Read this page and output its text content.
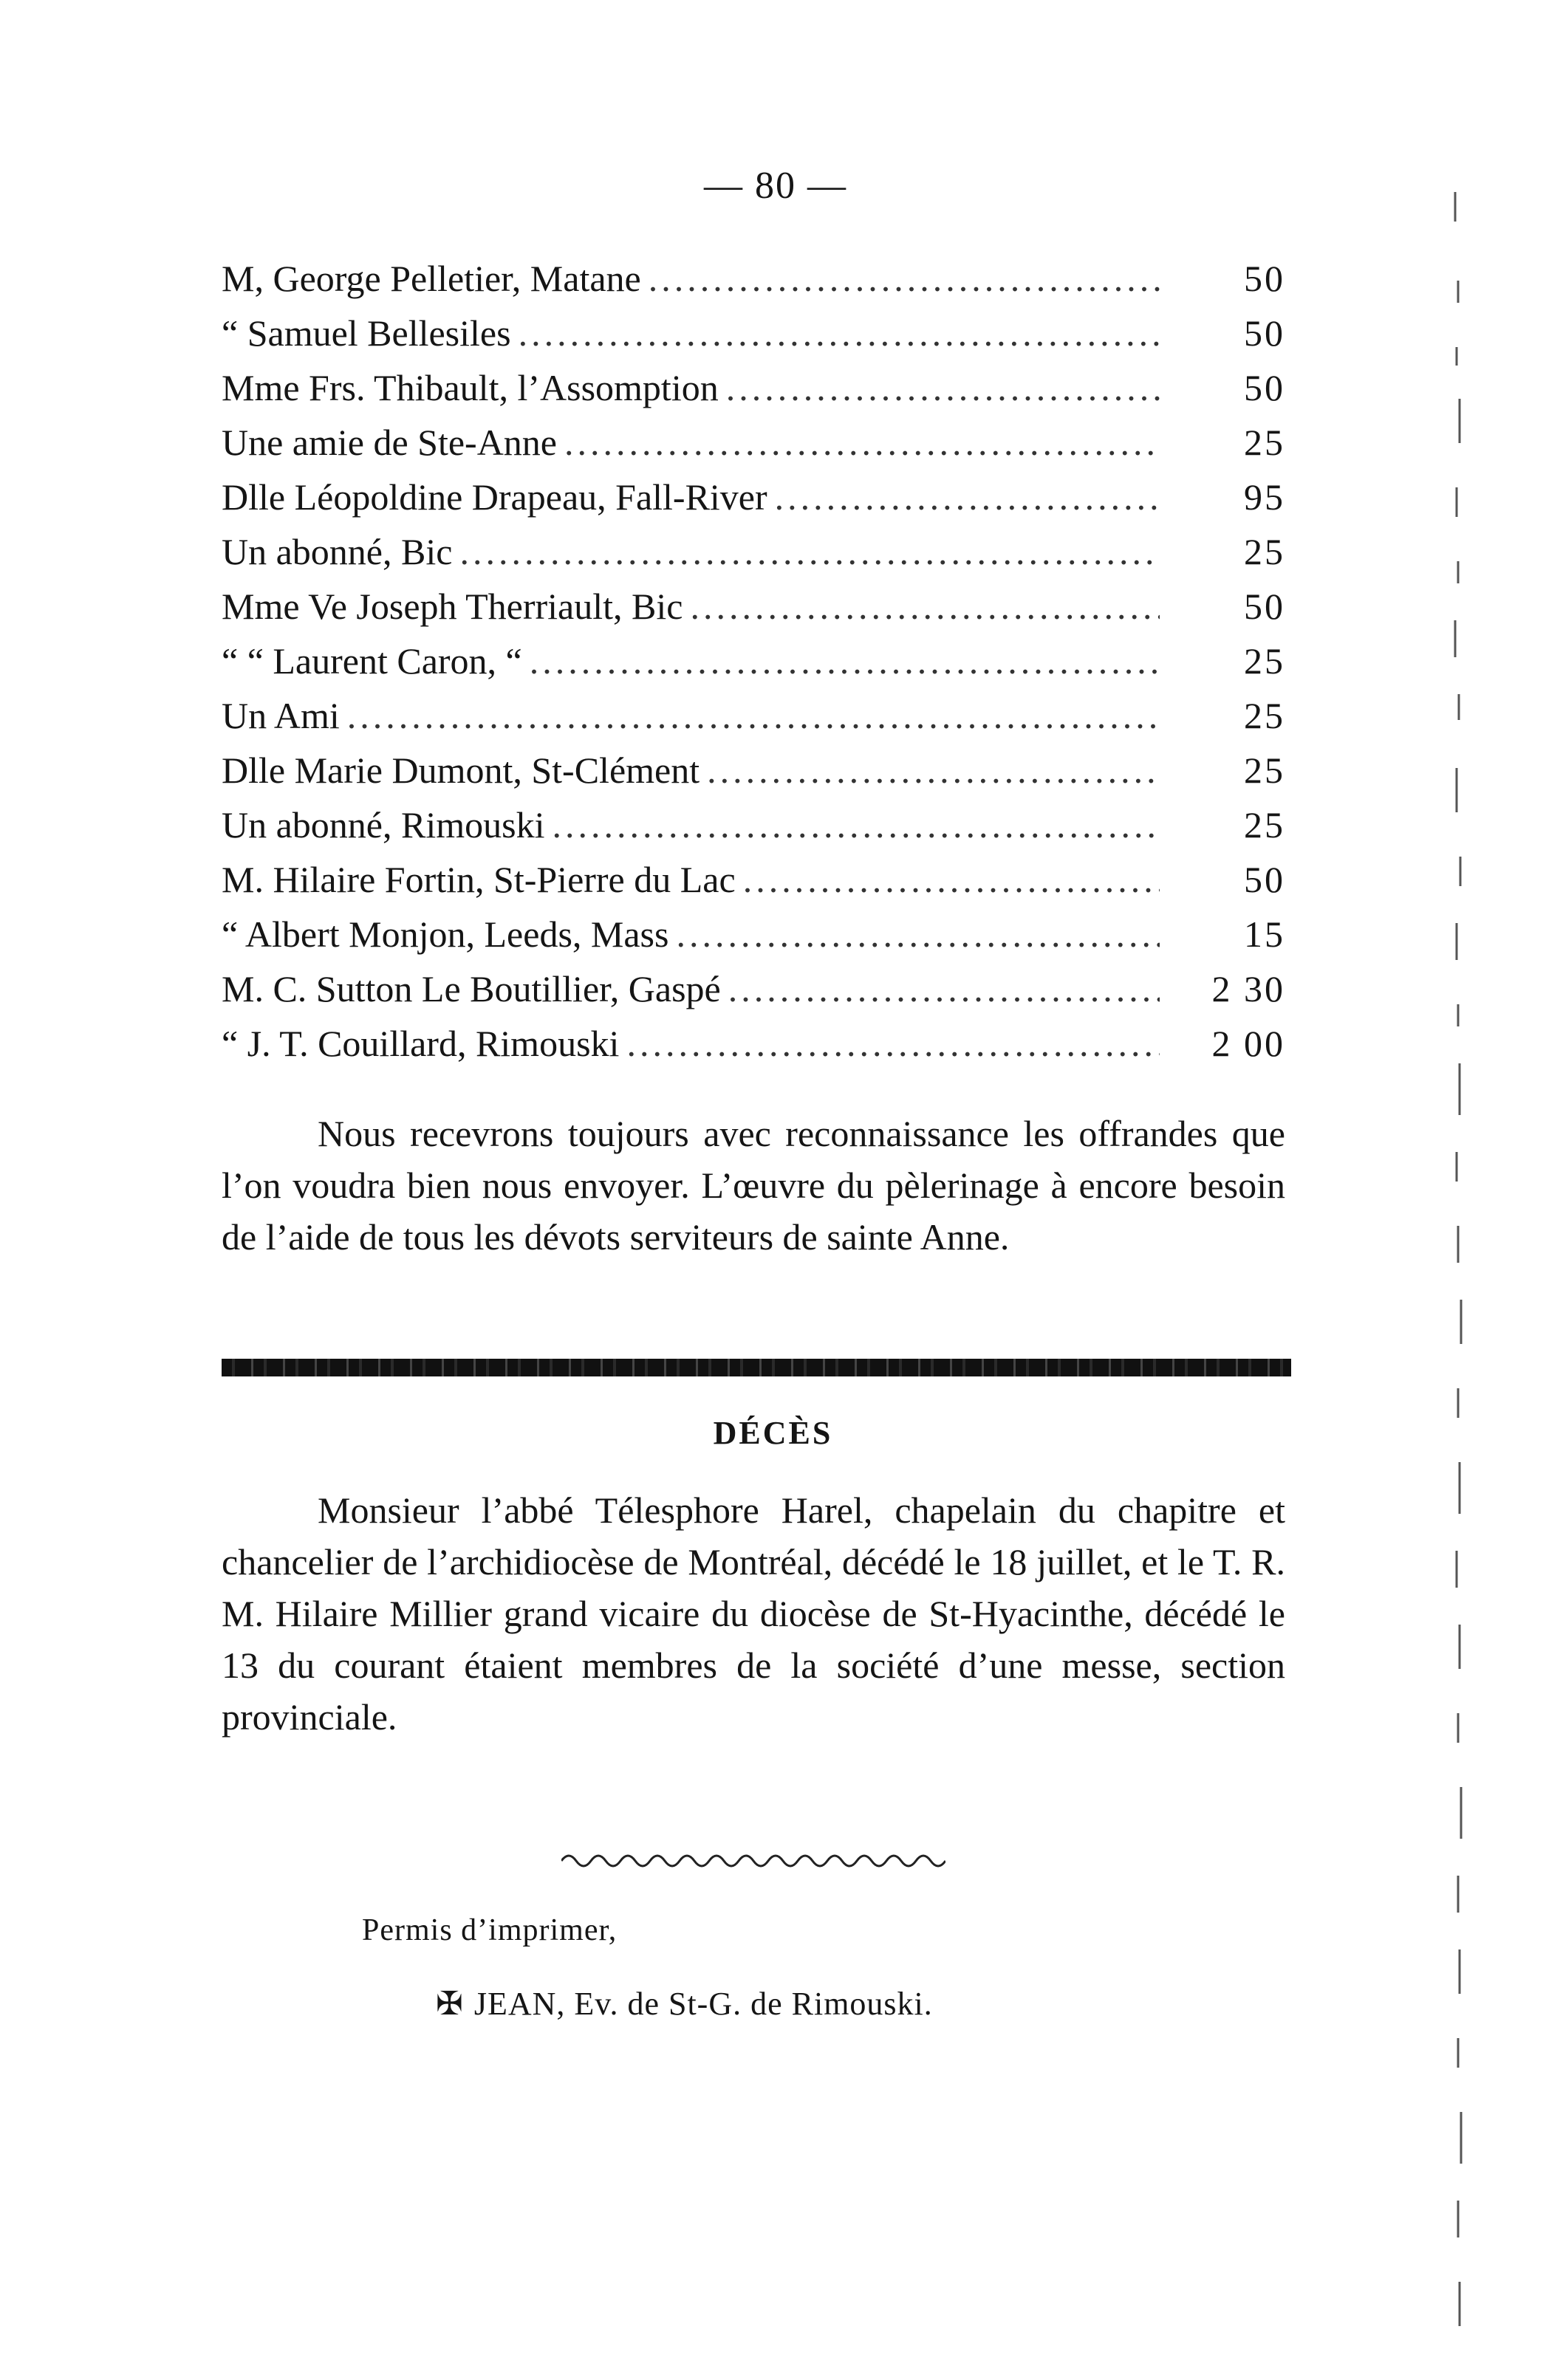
— 80 —
M, George Pelletier, Matane .....	50
“ Samuel Bellesiles .....	50
Mme Frs. Thibault, l’Assomption .....	50
Une amie de Ste-Anne .....	25
Dlle Léopoldine Drapeau, Fall-River .....	95
Un abonné, Bic .....	25
Mme Ve Joseph Therriault, Bic .....	50
“ “ Laurent Caron, “ .....	25
Un Ami .....	25
Dlle Marie Dumont, St-Clément .....	25
Un abonné, Rimouski .....	25
M. Hilaire Fortin, St-Pierre du Lac .....	50
“ Albert Monjon, Leeds, Mass .....	15
M. C. Sutton Le Boutillier, Gaspé .....	2 30
“ J. T. Couillard, Rimouski .....	2 00

Nous recevrons toujours avec reconnaissance les offrandes que l’on voudra bien nous envoyer. L’œuvre du pèlerinage à encore besoin de l’aide de tous les dévots serviteurs de sainte Anne.

DÉCÈS

Monsieur l’abbé Télesphore Harel, chapelain du chapitre et chancelier de l’archidiocèse de Montréal, décédé le 18 juillet, et le T. R. M. Hilaire Millier grand vicaire du diocèse de St-Hyacinthe, décédé le 13 du courant étaient membres de la société d’une messe, section provinciale.

Permis d’imprimer,
✠ JEAN, Ev. de St-G. de Rimouski.
